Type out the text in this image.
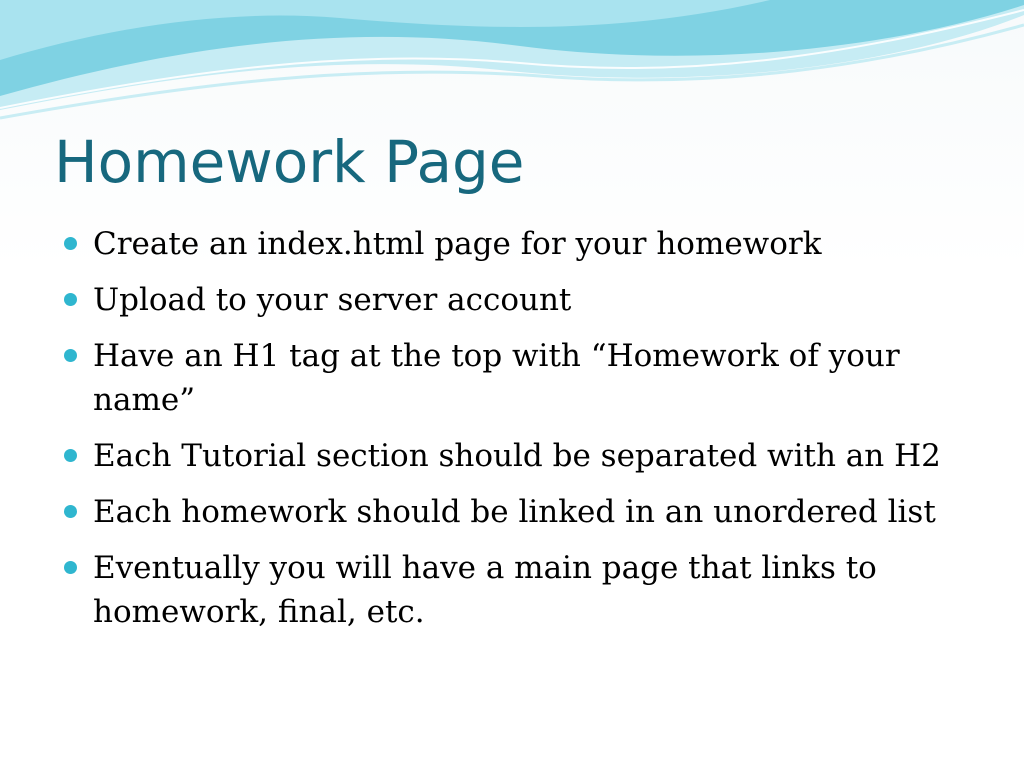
Homework Page
Create an index.html page for your homework
Upload to your server account
Have an H1 tag at the top with “Homework of your name”
Each Tutorial section should be separated with an H2
Each homework should be linked in an unordered list
Eventually you will have a main page that links to homework, final, etc.
